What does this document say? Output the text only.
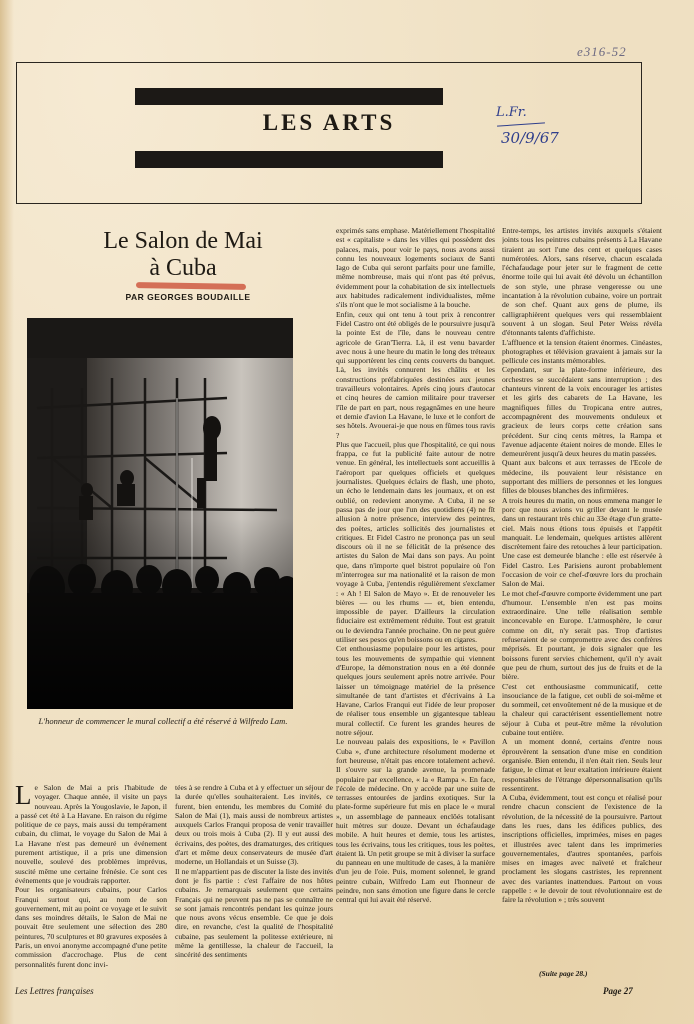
e316-52
LES ARTS	L.Fr.
30/9/67
Le Salon de Mai
à Cuba
PAR GEORGES BOUDAILLE
L'honneur de commencer le mural collectif a été réservé à Wilfredo Lam.
Le Salon de Mai a pris l'habitude de voyager. Chaque année, il visite un pays nouveau. Après la Yougoslavie, le Japon, il a passé cet été à La Havane. En raison du régime politique de ce pays, mais aussi du tempérament cubain, du climat, le voyage du Salon de Mai à La Havane n'est pas demeuré un événement purement artistique, il a pris une dimension nouvelle, soulevé des problèmes imprévus, suscité même une certaine frénésie. Ce sont ces événements que je voudrais rapporter.
Pour les organisateurs cubains, pour Carlos Franqui surtout qui, au nom de son gouvernement, mit au point ce voyage et le suivit dans ses moindres détails, le Salon de Mai ne pouvait être seulement une sélection des 280 peintures, 70 sculptures et 80 gravures exposées à Paris, un envoi anonyme accompagné d'une petite commission d'accrochage. Plus de cent personnalités furent donc invi-
tées à se rendre à Cuba et à y effectuer un séjour de la durée qu'elles souhaiteraient. Les invités, ce furent, bien entendu, les membres du Comité du Salon de Mai (1), mais aussi de nombreux artistes auxquels Carlos Franqui proposa de venir travailler deux ou trois mois à Cuba (2). Il y eut aussi des écrivains, des poètes, des dramaturges, des critiques d'art et même deux conservateurs de musée d'art moderne, un Hollandais et un Suisse (3).
Il ne m'appartient pas de discuter la liste des invités dont je fis partie : c'est l'affaire de nos hôtes cubains. Je remarquais seulement que certains Français qui ne peuvent pas ne pas se connaître ne se sont jamais rencontrés pendant les quinze jours que nous avons vécus ensemble. Ce que je dois dire, en revanche, c'est la qualité de l'hospitalité cubaine, pas seulement la politesse extérieure, ni même la gentillesse, la chaleur de l'accueil, la sincérité des sentiments
exprimés sans emphase. Matériellement l'hospitalité est « capitaliste » dans les villes qui possèdent des palaces, mais, pour voir le pays, nous avons aussi connu les nouveaux logements sociaux de Santi Iago de Cuba qui seront parfaits pour une famille, même nombreuse, mais qui n'ont pas été prévus, évidemment pour la cohabitation de six intellectuels aux habitudes radicalement individualistes, même s'ils n'ont que le mot socialisme à la bouche.
Enfin, ceux qui ont tenu à tout prix à rencontrer Fidel Castro ont été obligés de le poursuivre jusqu'à la pointe Est de l'île, dans le nouveau centre agricole de Gran'Tierra. Là, il est venu bavarder avec nous à une heure du matin le long des tréteaux qui supportèrent les cinq cents couverts du banquet. Là, les invités connurent les châlits et les constructions préfabriquées destinées aux jeunes travailleurs volontaires. Après cinq jours d'autocar et cinq heures de camion militaire pour traverser l'île de part en part, nous regagnâmes en une heure et demie d'avion La Havane, le luxe et le confort de ses hôtels. Avouerai-je que nous en fûmes tous ravis ?
Plus que l'accueil, plus que l'hospitalité, ce qui nous frappa, ce fut la publicité faite autour de notre venue. En général, les intellectuels sont accueillis à l'aéroport par quelques officiels et quelques journalistes. Quelques éclairs de flash, une photo, un écho le lendemain dans les journaux, et on est oublié, on redevient anonyme. A Cuba, il ne se passa pas de jour que l'un des quotidiens (4) ne fît allusion à notre présence, interview des peintres, des poètes, articles sollicités des journalistes et critiques. Et Fidel Castro ne prononça pas un seul discours où il ne se félicitât de la présence des artistes du Salon de Mai dans son pays. Au point que, dans n'importe quel bistrot populaire où l'on m'interrogea sur ma nationalité et la raison de mon voyage à Cuba, j'entendis régulièrement s'exclamer : « Ah ! El Salon de Mayo ». Et de renouveler les bières — ou les rhums — et, bien entendu, impossible de payer. D'ailleurs la circulation fiduciaire est extrêmement réduite. Tout est gratuit ou le deviendra l'année prochaine. On ne peut guère utiliser ses pesos qu'en boissons ou en cigares.
Cet enthousiasme populaire pour les artistes, pour tous les mouvements de sympathie qui viennent d'Europe, la démonstration nous en a été donnée quelques jours seulement après notre arrivée. Pour laisser un témoignage matériel de la présence simultanée de tant d'artistes et d'écrivains à La Havane, Carlos Franqui eut l'idée de leur proposer de réaliser tous ensemble un gigantesque tableau mural collectif. Ce furent les grandes heures de notre séjour.
Le nouveau palais des expositions, le « Pavillon Cuba », d'une architecture résolument moderne et fort heureuse, n'était pas encore totalement achevé. Il s'ouvre sur la grande avenue, la promenade populaire par excellence, « la « Rampa ». En face, l'école de médecine. On y accède par une suite de terrasses entourées de jardins exotiques. Sur la plate-forme supérieure fut mis en place le « mural », un assemblage de panneaux enclôés totalisant huit mètres sur douze. Devant un échafaudage mobile. A huit heures et demie, tous les artistes, tous les écrivains, tous les critiques, tous les poètes, étaient là. Un petit groupe se mit à diviser la surface du panneau en une multitude de cases, à la manière d'un jeu de l'oie. Puis, moment solennel, le grand peintre cubain, Wilfredo Lam eut l'honneur de peindre, non sans émotion une figure dans le cercle central qui lui avait été réservé.
Entre-temps, les artistes invités auxquels s'étaient joints tous les peintres cubains présents à La Havane tiraient au sort l'une des cent et quelques cases numérotées. Alors, sans réserve, chacun escalada l'échafaudage pour jeter sur le fragment de cette énorme toile qui lui avait été dévolu un échantillon de son style, une phrase vengeresse ou une incantation à la révolution cubaine, voire un portrait de son chef. Quant aux gens de plume, ils calligraphièrent quelques vers qui ressemblaient souvent à un slogan. Seul Peter Weiss révéla d'étonnants talents d'affichiste.
L'affluence et la tension étaient énormes. Cinéastes, photographes et télévision gravaient à jamais sur la pellicule ces instants mémorables.
Cependant, sur la plate-forme inférieure, des orchestres se succédaient sans interruption ; des chanteurs vinrent de la voix encourager les artistes et les girls des cabarets de La Havane, les magnifiques filles du Tropicana entre autres, accompagnèrent des mouvements onduleux et gracieux de leurs corps cette création sans précédent. Sur cinq cents mètres, la Rampa et l'avenue adjacente étaient noires de monde. Elles le demeurèrent jusqu'à deux heures du matin passées.
Quant aux balcons et aux terrasses de l'Ecole de médecine, ils pouvaient leur résistance en supportant des milliers de personnes et les longues filles de blouses blanches des infirmières.
A trois heures du matin, on nous emmena manger le porc que nous avions vu griller devant le musée dans un restaurant très chic au 33e étage d'un gratte-ciel. Mais nous étions tous épuisés et l'appétit manquait. Le lendemain, quelques artistes allèrent discrètement faire des retouches à leur participation. Une case est demeurée blanche : elle est réservée à Fidel Castro. Les Parisiens auront probablement l'occasion de voir ce chef-d'œuvre lors du prochain Salon de Mai.
Le mot chef-d'œuvre comporte évidemment une part d'humour. L'ensemble n'en est pas moins extraordinaire. Une telle réalisation semble inconcevable en Europe. L'atmosphère, le cœur comme on dit, n'y serait pas. Trop d'artistes refuseraient de se compromettre avec des confrères méprisés. Et pourtant, je dois signaler que les boissons furent servies chichement, qu'il n'y avait que peu de rhum, surtout des jus de fruits et de la bière.
C'est cet enthousiasme communicatif, cette insouciance de la fatigue, cet oubli de soi-même et du sommeil, cet envoûtement né de la musique et de la chaleur qui caractérisent essentiellement notre séjour à Cuba et peut-être même la révolution cubaine tout entière.
A un moment donné, certains d'entre nous éprouvèrent la sensation d'une mise en condition organisée. Bien entendu, il n'en était rien. Seuls leur fatigue, le climat et leur exaltation intérieure étaient responsables de l'étrange dépersonnalisation qu'ils ressentirent.
A Cuba, évidemment, tout est conçu et réalisé pour rendre chacun conscient de l'existence de la révolution, de la nécessité de la poursuivre. Partout dans les rues, dans les édifices publics, des inscriptions officielles, imprimées, mises en pages et illustrées avec talent dans les imprimeries gouvernementales, d'autres spontanées, parfois mises en images avec naïveté et fraîcheur proclament les slogans castristes, les reprennent avec des variantes inattendues. Partout on vous rappelle : « le devoir de tout révolutionnaire est de faire la révolution » ; très souvent
(Suite page 28.)
Les Lettres françaises	Page 27
